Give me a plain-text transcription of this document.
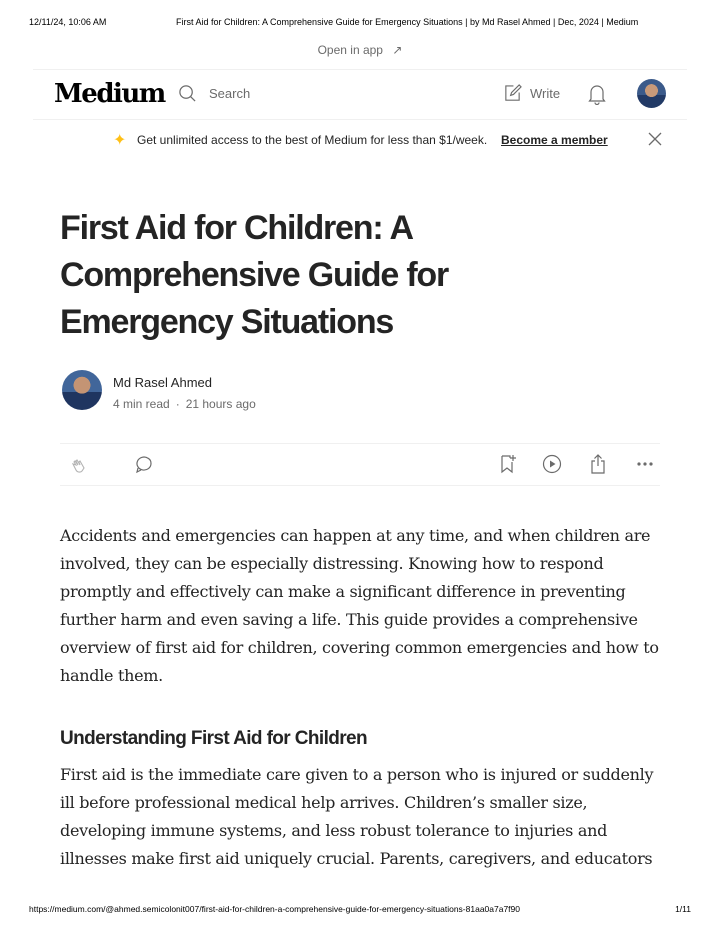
12/11/24, 10:06 AM	First Aid for Children: A Comprehensive Guide for Emergency Situations | by Md Rasel Ahmed | Dec, 2024 | Medium
Open in app ↗
Medium	Search	Write
✦ Get unlimited access to the best of Medium for less than $1/week. Become a member
First Aid for Children: A Comprehensive Guide for Emergency Situations
Md Rasel Ahmed
4 min read · 21 hours ago

Accidents and emergencies can happen at any time, and when children are involved, they can be especially distressing. Knowing how to respond promptly and effectively can make a significant difference in preventing further harm and even saving a life. This guide provides a comprehensive overview of first aid for children, covering common emergencies and how to handle them.

Understanding First Aid for Children

First aid is the immediate care given to a person who is injured or suddenly ill before professional medical help arrives. Children’s smaller size, developing immune systems, and less robust tolerance to injuries and illnesses make first aid uniquely crucial. Parents, caregivers, and educators

https://medium.com/@ahmed.semicolonit007/first-aid-for-children-a-comprehensive-guide-for-emergency-situations-81aa0a7a7f90	1/11
